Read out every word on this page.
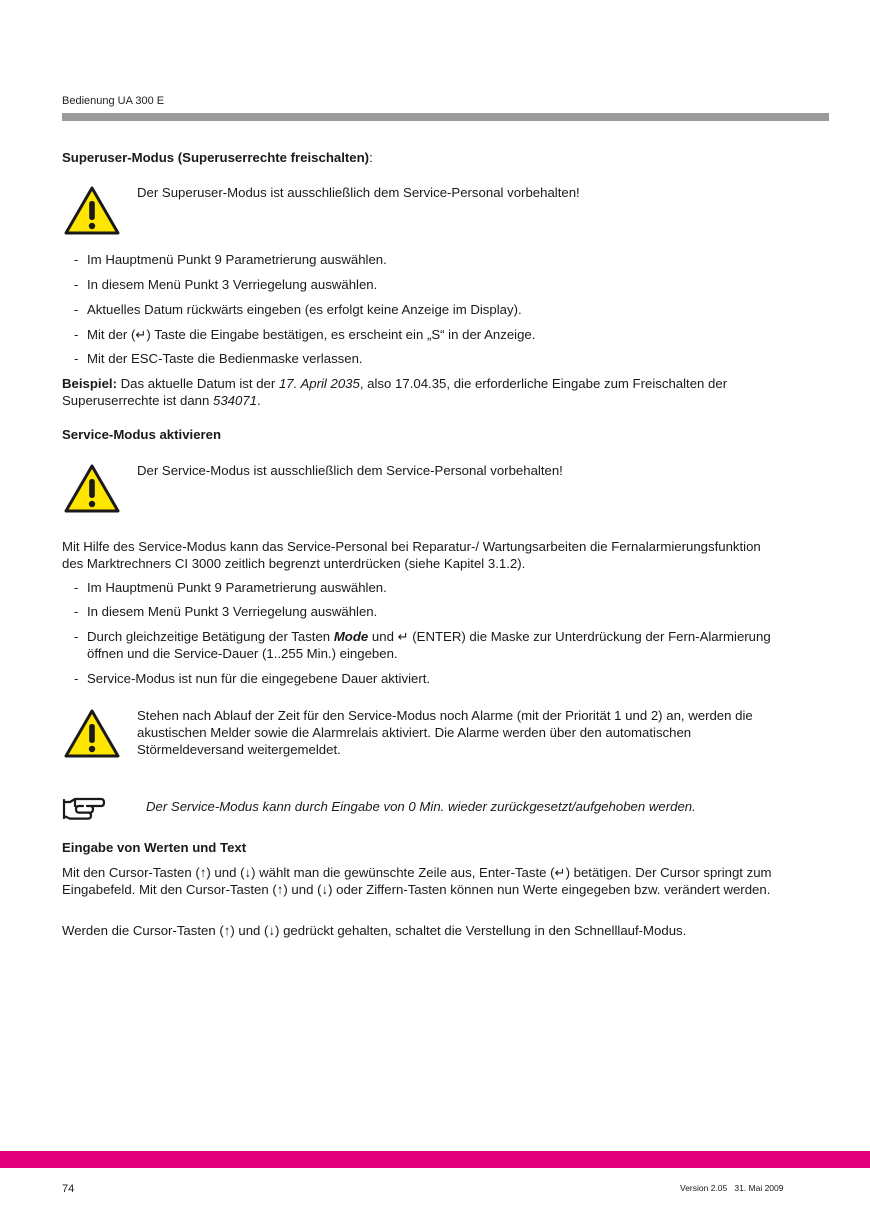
Bedienung UA 300 E
Superuser-Modus (Superuserrechte freischalten):
Der Superuser-Modus ist ausschließlich dem Service-Personal vorbehalten!
- Im Hauptmenü Punkt 9 Parametrierung auswählen.
- In diesem Menü Punkt 3 Verriegelung auswählen.
- Aktuelles Datum rückwärts eingeben (es erfolgt keine Anzeige im Display).
- Mit der (↵) Taste die Eingabe bestätigen, es erscheint ein „S“ in der Anzeige.
- Mit der ESC-Taste die Bedienmaske verlassen.
Beispiel: Das aktuelle Datum ist der 17. April 2035, also 17.04.35, die erforderliche Eingabe zum Freischalten der Superuserrechte ist dann 534071.
Service-Modus aktivieren
Der Service-Modus ist ausschließlich dem Service-Personal vorbehalten!
Mit Hilfe des Service-Modus kann das Service-Personal bei Reparatur-/ Wartungsarbeiten die Fernalarmierungsfunktion des Marktrechners CI 3000 zeitlich begrenzt unterdrücken (siehe Kapitel 3.1.2).
- Im Hauptmenü Punkt 9 Parametrierung auswählen.
- In diesem Menü Punkt 3 Verriegelung auswählen.
- Durch gleichzeitige Betätigung der Tasten Mode und ↵ (ENTER) die Maske zur Unterdrückung der Fern-Alarmierung öffnen und die Service-Dauer (1..255 Min.) eingeben.
- Service-Modus ist nun für die eingegebene Dauer aktiviert.
Stehen nach Ablauf der Zeit für den Service-Modus noch Alarme (mit der Priorität 1 und 2) an, werden die akustischen Melder sowie die Alarmrelais aktiviert. Die Alarme werden über den automatischen Störmeldeversand weitergemeldet.
Der Service-Modus kann durch Eingabe von 0 Min. wieder zurückgesetzt/aufgehoben werden.
Eingabe von Werten und Text
Mit den Cursor-Tasten (↑) und (↓) wählt man die gewünschte Zeile aus, Enter-Taste (↵) betätigen. Der Cursor springt zum Eingabefeld. Mit den Cursor-Tasten (↑) und (↓) oder Ziffern-Tasten können nun Werte eingegeben bzw. verändert werden.
Werden die Cursor-Tasten (↑) und (↓) gedrückt gehalten, schaltet die Verstellung in den Schnelllauf-Modus.
74	Version 2.05   31. Mai 2009
